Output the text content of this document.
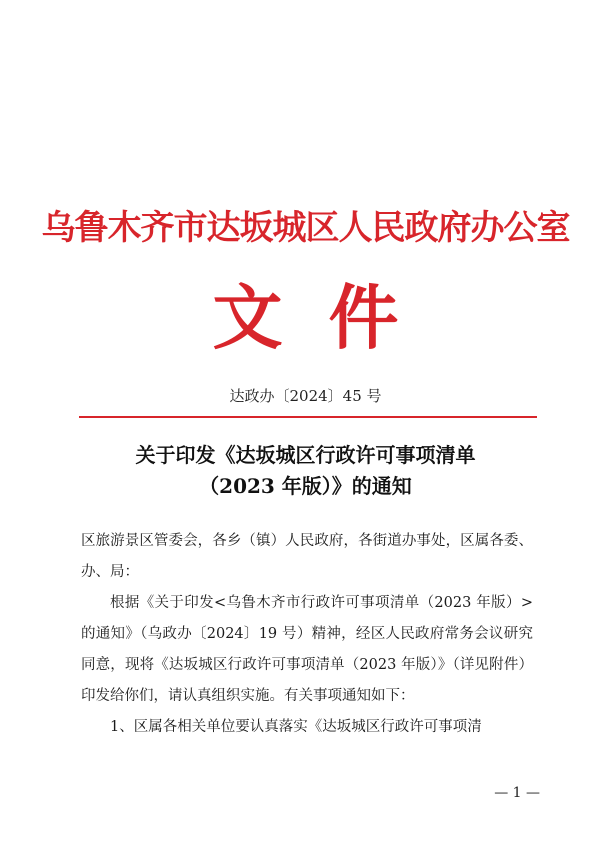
乌鲁木齐市达坂城区人民政府办公室
文件
达政办〔2024〕45 号
关于印发《达坂城区行政许可事项清单
（2023 年版）》的通知

区旅游景区管委会，各乡（镇）人民政府，各街道办事处，区属各委、办、局：

根据《关于印发<乌鲁木齐市行政许可事项清单（2023 年版）>的通知》（乌政办〔2024〕19 号）精神，经区人民政府常务会议研究同意，现将《达坂城区行政许可事项清单（2023 年版）》（详见附件）印发给你们，请认真组织实施。有关事项通知如下：

1、区属各相关单位要认真落实《达坂城区行政许可事项清

— 1 —
